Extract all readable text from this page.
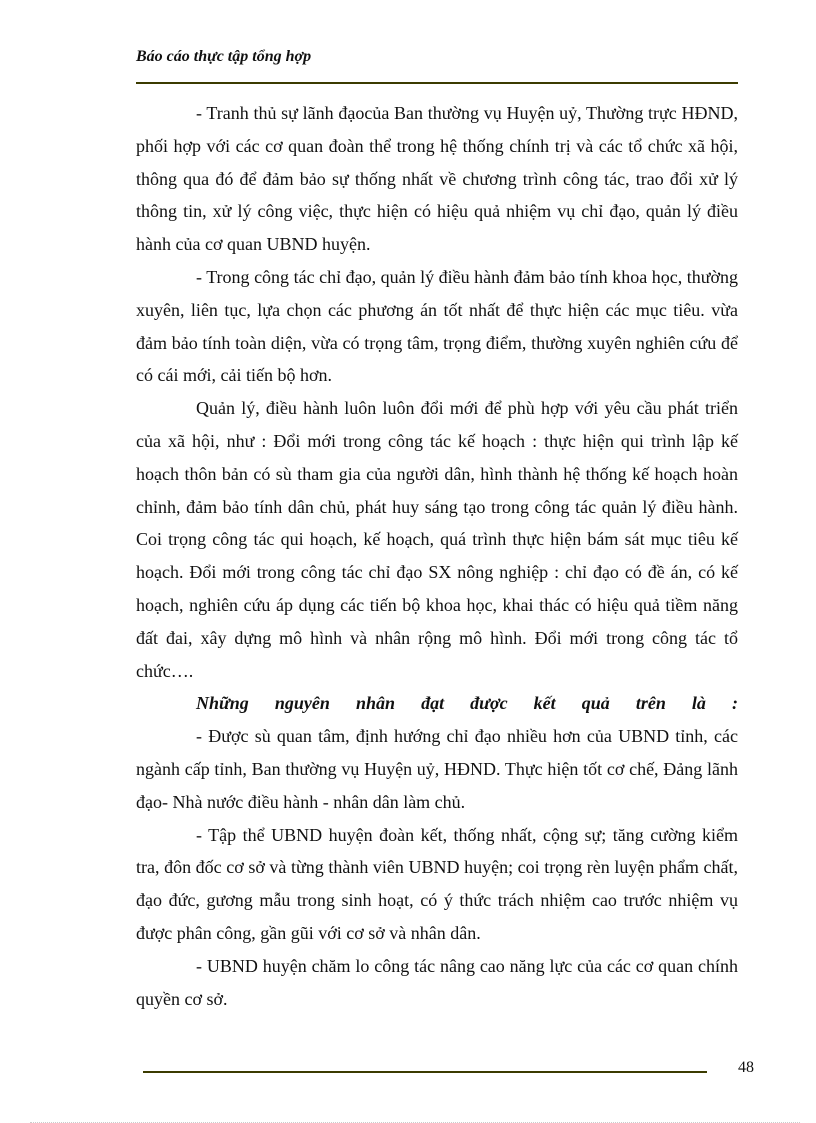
Báo cáo thực tập tổng hợp

- Tranh thủ sự lãnh đạocủa Ban thường vụ Huyện uỷ, Thường trực HĐND, phối hợp với các cơ quan đoàn thể trong hệ thống chính trị và các tổ chức xã hội, thông qua đó để đảm bảo sự thống nhất về chương trình công tác, trao đổi xử lý thông tin, xử lý công việc, thực hiện có hiệu quả nhiệm vụ chỉ đạo, quản lý điều hành của cơ quan UBND huyện.

- Trong công tác chỉ đạo, quản lý điều hành đảm bảo tính khoa học, thường xuyên, liên tục, lựa chọn các phương án tốt nhất để thực hiện các mục tiêu. vừa đảm bảo tính toàn diện, vừa có trọng tâm, trọng điểm, thường xuyên nghiên cứu để có cái mới, cải tiến bộ hơn.

Quản lý, điều hành luôn luôn đổi mới để phù hợp với yêu cầu phát triển của xã hội, như : Đổi mới trong công tác kế hoạch : thực hiện qui trình lập kế hoạch thôn bản có sù tham gia của người dân, hình thành hệ thống kế hoạch hoàn chỉnh, đảm bảo tính dân chủ, phát huy sáng tạo trong công tác quản lý điều hành. Coi trọng công tác qui hoạch, kế hoạch, quá trình thực hiện bám sát mục tiêu kế hoạch. Đổi mới trong công tác chỉ đạo SX nông nghiệp : chỉ đạo có đề án, có kế hoạch, nghiên cứu áp dụng các tiến bộ khoa học, khai thác có hiệu quả tiềm năng đất đai, xây dựng mô hình và nhân rộng mô hình. Đổi mới trong công tác tổ chức….

Những nguyên nhân đạt được kết quả trên là :

- Được sù quan tâm, định hướng chỉ đạo nhiều hơn của UBND tỉnh, các ngành cấp tỉnh, Ban thường vụ Huyện uỷ, HĐND. Thực hiện tốt cơ chế, Đảng lãnh đạo- Nhà nước điều hành - nhân dân làm chủ.

- Tập thể UBND huyện đoàn kết, thống nhất, cộng sự; tăng cường kiểm tra, đôn đốc cơ sở và từng thành viên UBND huyện; coi trọng rèn luyện phẩm chất, đạo đức, gương mẫu trong sinh hoạt, có ý thức trách nhiệm cao trước nhiệm vụ được phân công, gần gũi với cơ sở và nhân dân.

- UBND huyện chăm lo công tác nâng cao năng lực của các cơ quan chính quyền cơ sở.

48
